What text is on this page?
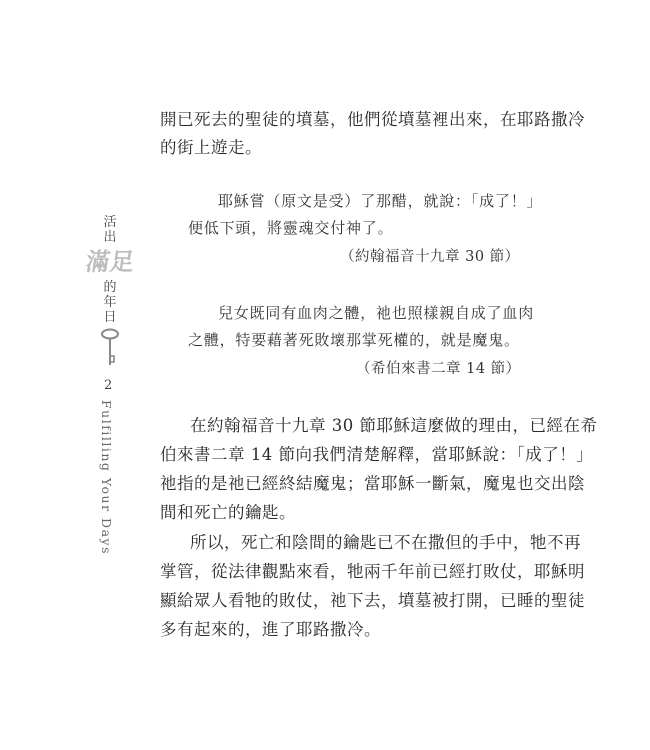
活
出
滿足
的
年
日
2
Fulfilling Your Days
開已死去的聖徒的墳墓，他們從墳墓裡出來，在耶路撒冷
的街上遊走。
耶穌嘗（原文是受）了那醋，就說：「成了！」
便低下頭，將靈魂交付神了。
（約翰福音十九章 30 節）
兒女既同有血肉之體，祂也照樣親自成了血肉
之體，特要藉著死敗壞那掌死權的，就是魔鬼。
（希伯來書二章 14 節）
在約翰福音十九章 30 節耶穌這麼做的理由，已經在希
伯來書二章 14 節向我們清楚解釋，當耶穌說：「成了！」
祂指的是祂已經終結魔鬼；當耶穌一斷氣，魔鬼也交出陰
間和死亡的鑰匙。
所以，死亡和陰間的鑰匙已不在撒但的手中，牠不再
掌管，從法律觀點來看，牠兩千年前已經打敗仗，耶穌明
顯給眾人看牠的敗仗，祂下去，墳墓被打開，已睡的聖徒
多有起來的，進了耶路撒冷。
